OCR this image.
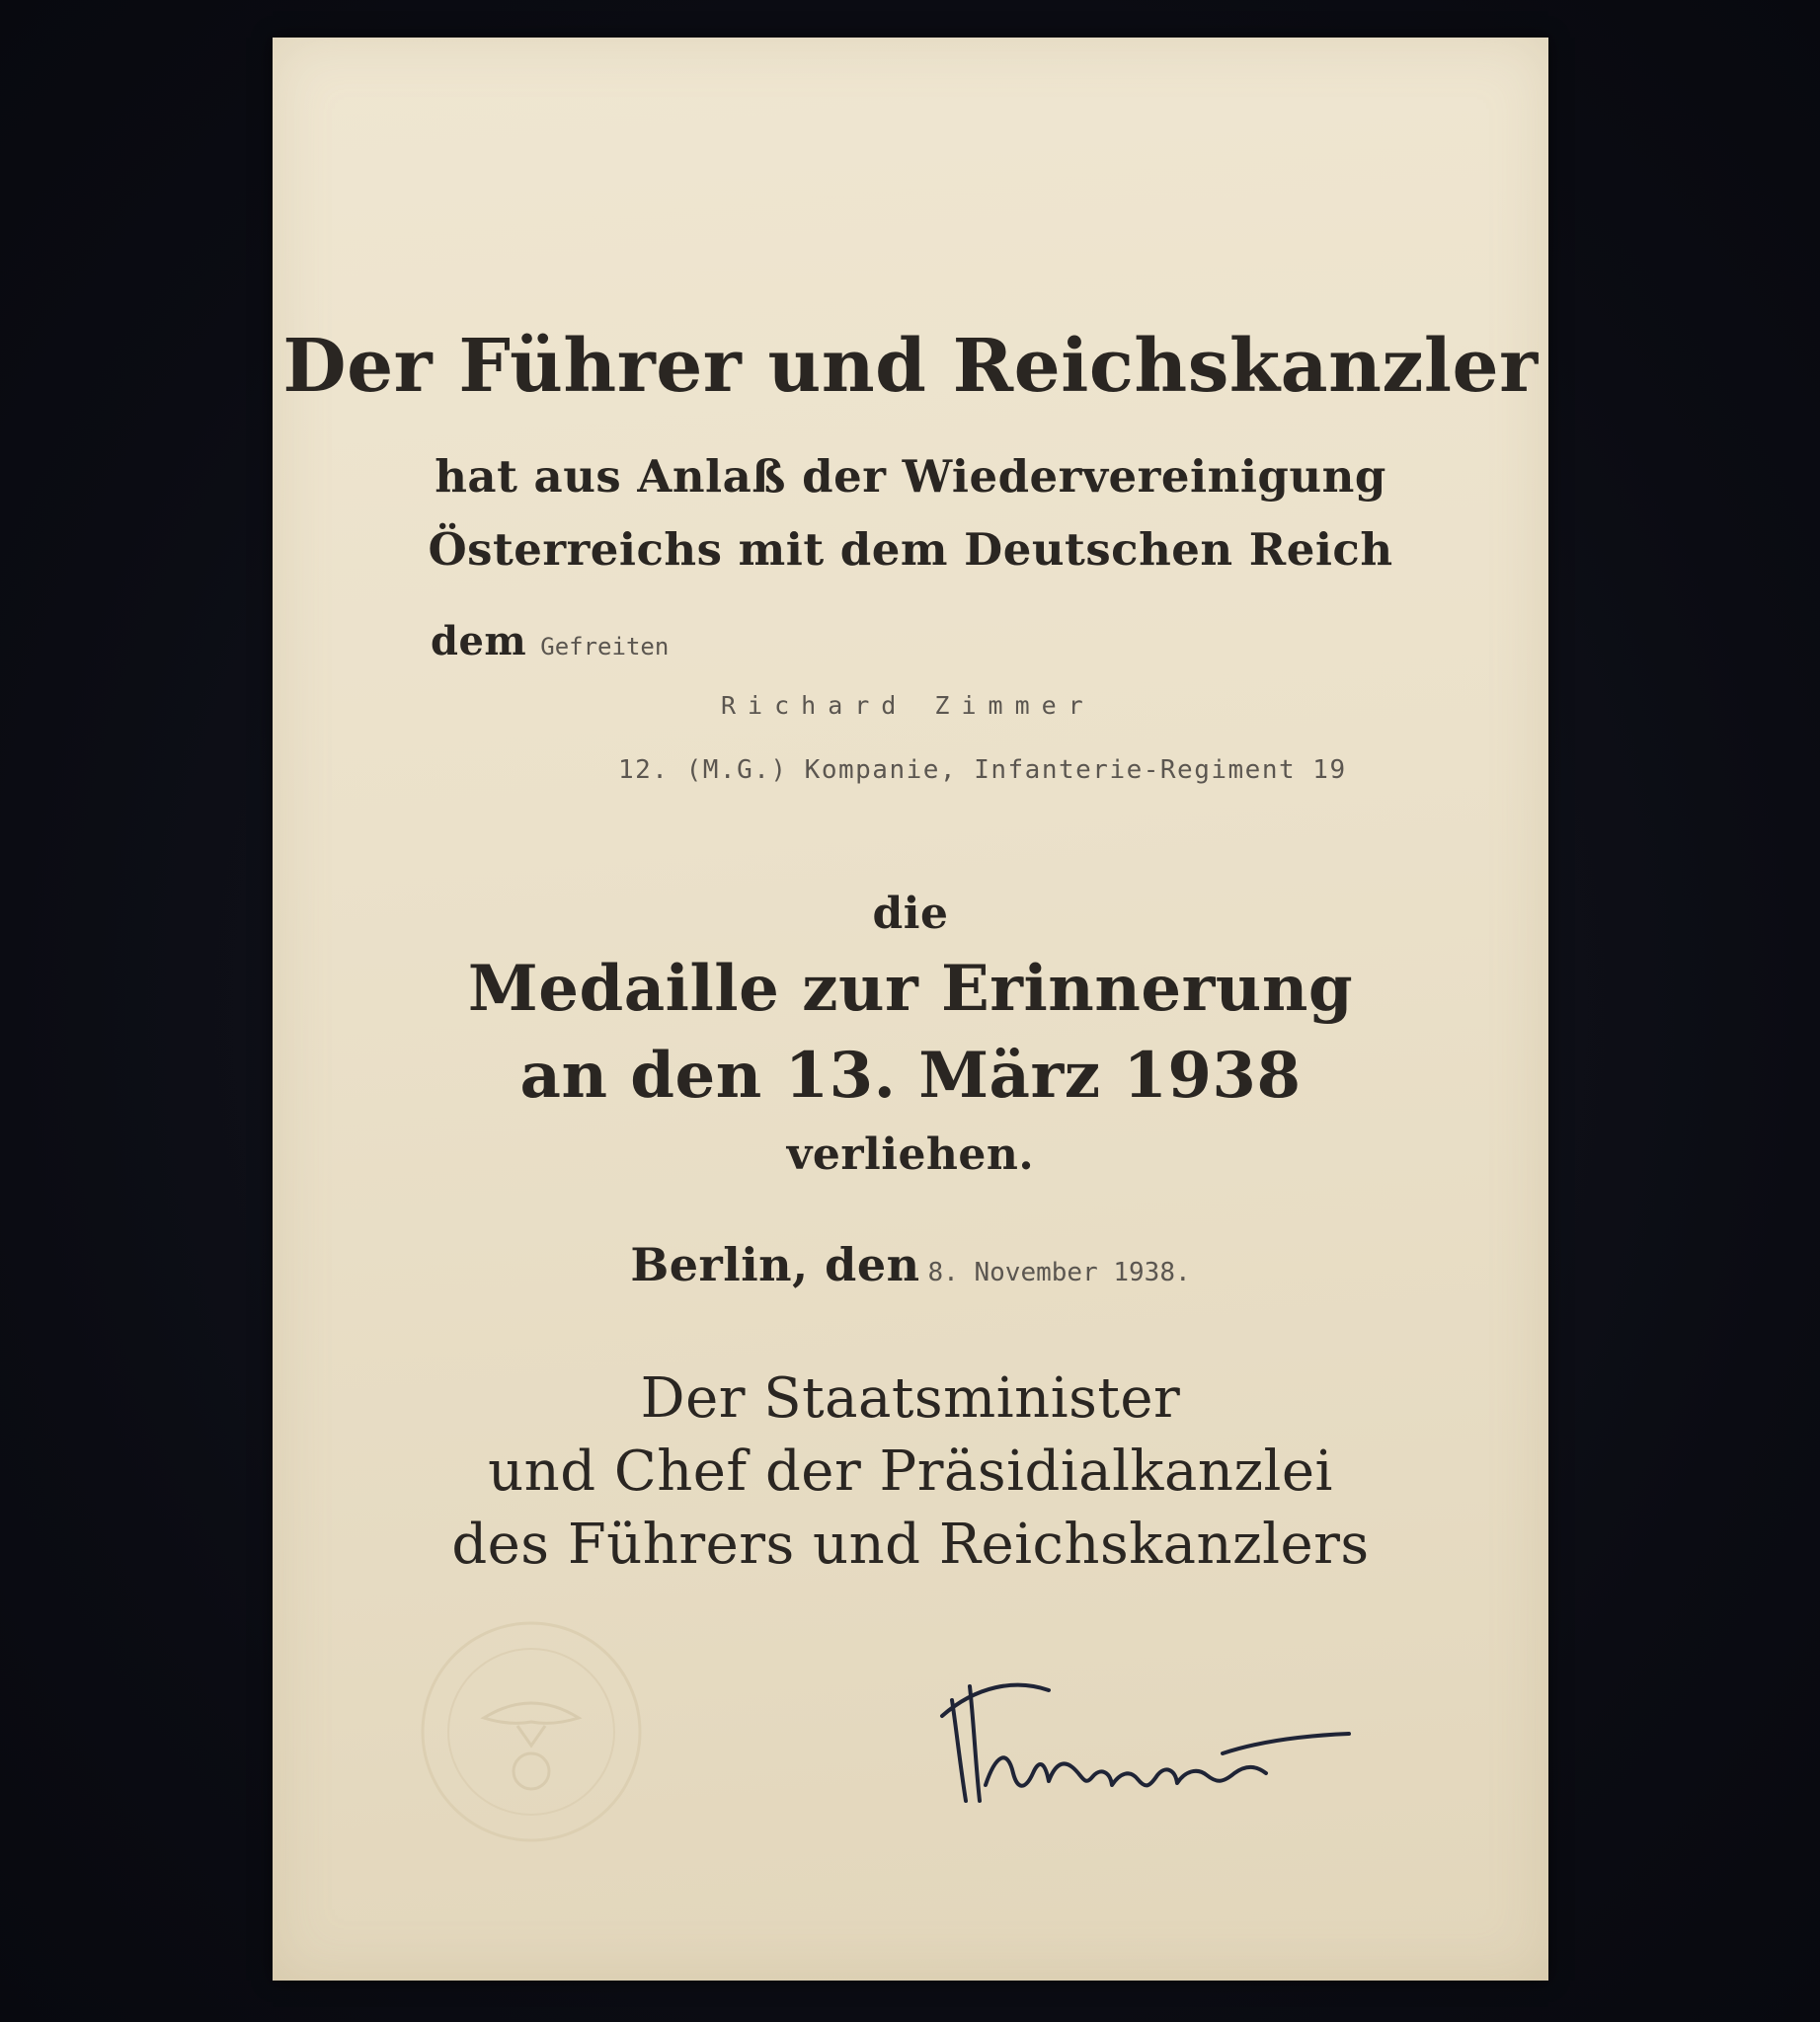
Der Führer und Reichskanzler
hat aus Anlaß der Wiedervereinigung
Österreichs mit dem Deutschen Reich
dem Gefreiten
Richard Zimmer
12. (M.G.) Kompanie, Infanterie-Regiment 19
die
Medaille zur Erinnerung
an den 13. März 1938
verliehen.
Berlin, den 8. November 1938.
Der Staatsminister
und Chef der Präsidialkanzlei
des Führers und Reichskanzlers
